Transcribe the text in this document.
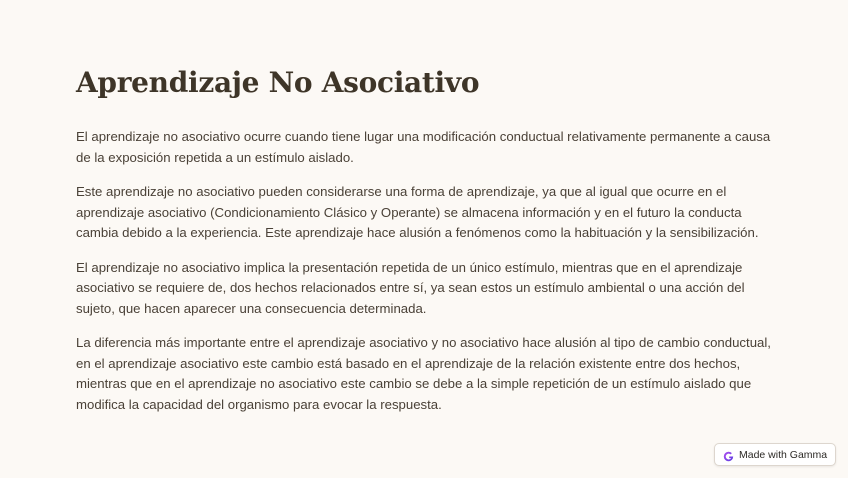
Aprendizaje No Asociativo

El aprendizaje no asociativo ocurre cuando tiene lugar una modificación conductual relativamente permanente a causa de la exposición repetida a un estímulo aislado.

Este aprendizaje no asociativo pueden considerarse una forma de aprendizaje, ya que al igual que ocurre en el aprendizaje asociativo (Condicionamiento Clásico y Operante) se almacena información y en el futuro la conducta cambia debido a la experiencia. Este aprendizaje hace alusión a fenómenos como la habituación y la sensibilización.

El aprendizaje no asociativo implica la presentación repetida de un único estímulo, mientras que en el aprendizaje asociativo se requiere de, dos hechos relacionados entre sí, ya sean estos un estímulo ambiental o una acción del sujeto, que hacen aparecer una consecuencia determinada.

La diferencia más importante entre el aprendizaje asociativo y no asociativo hace alusión al tipo de cambio conductual, en el aprendizaje asociativo este cambio está basado en el aprendizaje de la relación existente entre dos hechos, mientras que en el aprendizaje no asociativo este cambio se debe a la simple repetición de un estímulo aislado que modifica la capacidad del organismo para evocar la respuesta.

Made with Gamma
